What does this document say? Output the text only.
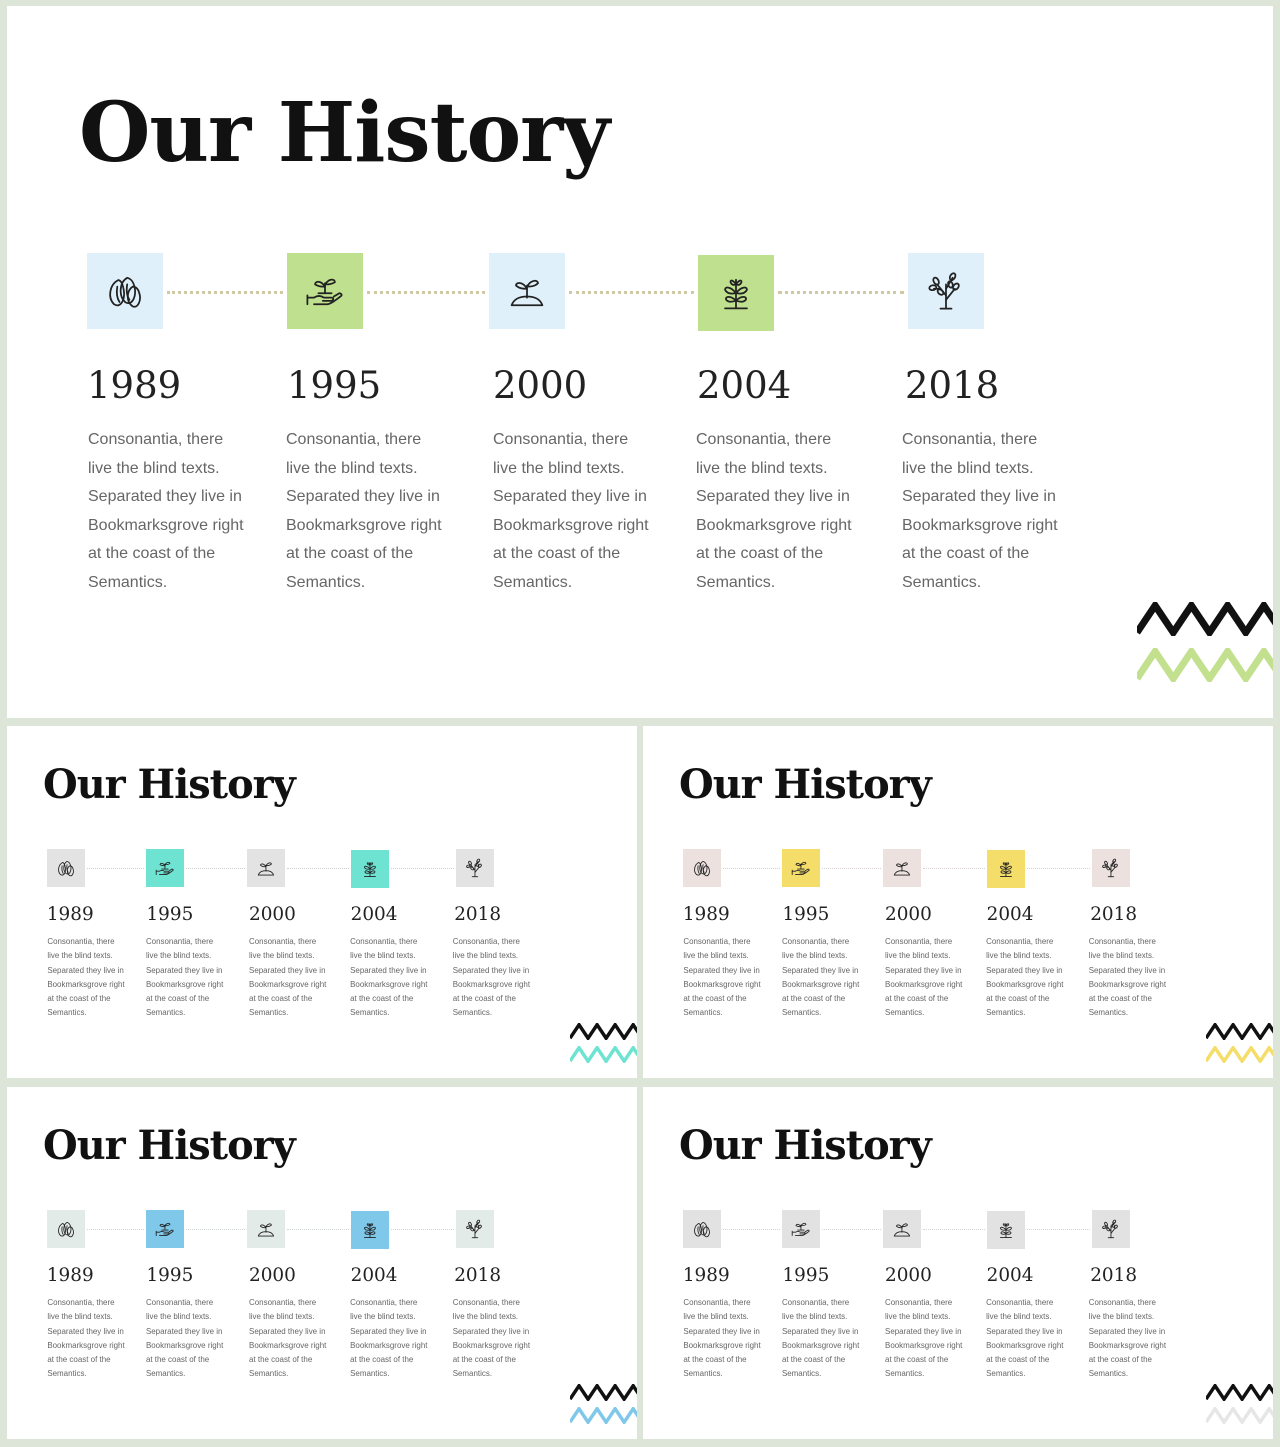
Our History
1989
Consonantia, there
live the blind texts.
Separated they live in
Bookmarksgrove right
at the coast of the
Semantics.
1995
Consonantia, there
live the blind texts.
Separated they live in
Bookmarksgrove right
at the coast of the
Semantics.
2000
Consonantia, there
live the blind texts.
Separated they live in
Bookmarksgrove right
at the coast of the
Semantics.
2004
Consonantia, there
live the blind texts.
Separated they live in
Bookmarksgrove right
at the coast of the
Semantics.
2018
Consonantia, there
live the blind texts.
Separated they live in
Bookmarksgrove right
at the coast of the
Semantics.
Our History
1989
Consonantia, there
live the blind texts.
Separated they live in
Bookmarksgrove right
at the coast of the
Semantics.
1995
Consonantia, there
live the blind texts.
Separated they live in
Bookmarksgrove right
at the coast of the
Semantics.
2000
Consonantia, there
live the blind texts.
Separated they live in
Bookmarksgrove right
at the coast of the
Semantics.
2004
Consonantia, there
live the blind texts.
Separated they live in
Bookmarksgrove right
at the coast of the
Semantics.
2018
Consonantia, there
live the blind texts.
Separated they live in
Bookmarksgrove right
at the coast of the
Semantics.
Our History
1989
Consonantia, there
live the blind texts.
Separated they live in
Bookmarksgrove right
at the coast of the
Semantics.
1995
Consonantia, there
live the blind texts.
Separated they live in
Bookmarksgrove right
at the coast of the
Semantics.
2000
Consonantia, there
live the blind texts.
Separated they live in
Bookmarksgrove right
at the coast of the
Semantics.
2004
Consonantia, there
live the blind texts.
Separated they live in
Bookmarksgrove right
at the coast of the
Semantics.
2018
Consonantia, there
live the blind texts.
Separated they live in
Bookmarksgrove right
at the coast of the
Semantics.
Our History
1989
Consonantia, there
live the blind texts.
Separated they live in
Bookmarksgrove right
at the coast of the
Semantics.
1995
Consonantia, there
live the blind texts.
Separated they live in
Bookmarksgrove right
at the coast of the
Semantics.
2000
Consonantia, there
live the blind texts.
Separated they live in
Bookmarksgrove right
at the coast of the
Semantics.
2004
Consonantia, there
live the blind texts.
Separated they live in
Bookmarksgrove right
at the coast of the
Semantics.
2018
Consonantia, there
live the blind texts.
Separated they live in
Bookmarksgrove right
at the coast of the
Semantics.
Our History
1989
Consonantia, there
live the blind texts.
Separated they live in
Bookmarksgrove right
at the coast of the
Semantics.
1995
Consonantia, there
live the blind texts.
Separated they live in
Bookmarksgrove right
at the coast of the
Semantics.
2000
Consonantia, there
live the blind texts.
Separated they live in
Bookmarksgrove right
at the coast of the
Semantics.
2004
Consonantia, there
live the blind texts.
Separated they live in
Bookmarksgrove right
at the coast of the
Semantics.
2018
Consonantia, there
live the blind texts.
Separated they live in
Bookmarksgrove right
at the coast of the
Semantics.
